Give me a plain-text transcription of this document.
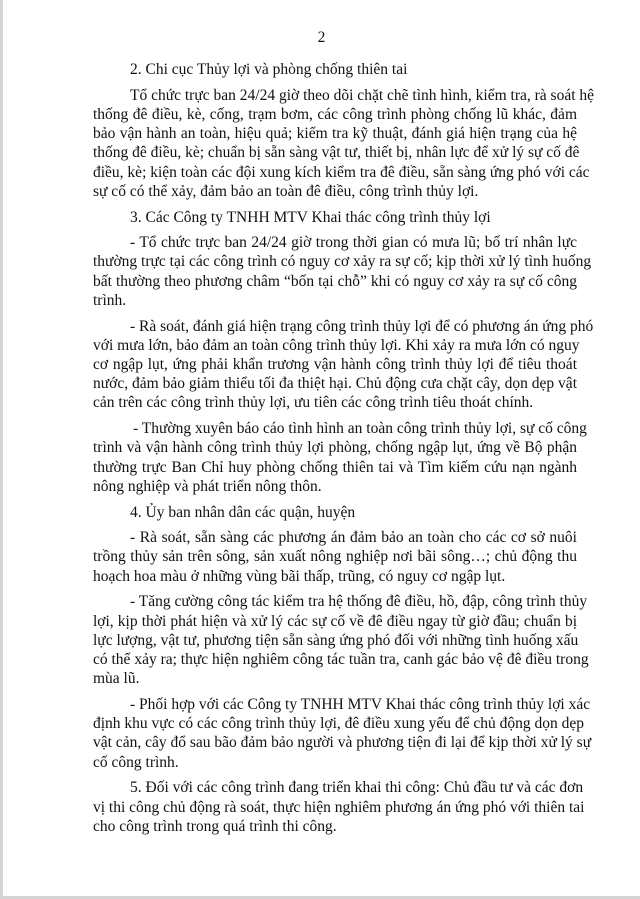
2
2. Chi cục Thủy lợi và phòng chống thiên tai
Tổ chức trực ban 24/24 giờ theo dõi chặt chẽ tình hình, kiểm tra, rà soát hệ
thống đê điều, kè, cống, trạm bơm, các công trình phòng chống lũ khác, đảm
bảo vận hành an toàn, hiệu quả; kiểm tra kỹ thuật, đánh giá hiện trạng của hệ
thống đê điều, kè; chuẩn bị sẵn sàng vật tư, thiết bị, nhân lực để xử lý sự cố đê
điều, kè; kiện toàn các đội xung kích kiểm tra đê điều, sẵn sàng ứng phó với các
sự cố có thể xảy, đảm bảo an toàn đê điều, công trình thủy lợi.
3. Các Công ty TNHH MTV Khai thác công trình thủy lợi
- Tổ chức trực ban 24/24 giờ trong thời gian có mưa lũ; bố trí nhân lực
thường trực tại các công trình có nguy cơ xảy ra sự cố; kịp thời xử lý tình huống
bất thường theo phương châm “bốn tại chỗ” khi có nguy cơ xảy ra sự cố công
trình.
- Rà soát, đánh giá hiện trạng công trình thủy lợi để có phương án ứng phó
với mưa lớn, bảo đảm an toàn công trình thủy lợi. Khi xảy ra mưa lớn có nguy
cơ ngập lụt, ứng phải khẩn trương vận hành công trình thủy lợi để tiêu thoát
nước, đảm bảo giảm thiểu tối đa thiệt hại. Chủ động cưa chặt cây, dọn dẹp vật
cản trên các công trình thủy lợi, ưu tiên các công trình tiêu thoát chính.
- Thường xuyên báo cáo tình hình an toàn công trình thủy lợi, sự cố công
trình và vận hành công trình thủy lợi phòng, chống ngập lụt, ứng về Bộ phận
thường trực Ban Chỉ huy phòng chống thiên tai và Tìm kiếm cứu nạn ngành
nông nghiệp và phát triển nông thôn.
4. Ủy ban nhân dân các quận, huyện
- Rà soát, sẵn sàng các phương án đảm bảo an toàn cho các cơ sở nuôi
trồng thủy sản trên sông, sản xuất nông nghiệp nơi bãi sông…; chủ động thu
hoạch hoa màu ở những vùng bãi thấp, trũng, có nguy cơ ngập lụt.
- Tăng cường công tác kiểm tra hệ thống đê điều, hồ, đập, công trình thủy
lợi, kịp thời phát hiện và xử lý các sự cố về đê điều ngay từ giờ đầu; chuẩn bị
lực lượng, vật tư, phương tiện sẵn sàng ứng phó đối với những tình huống xấu
có thể xảy ra; thực hiện nghiêm công tác tuần tra, canh gác bảo vệ đê điều trong
mùa lũ.
- Phối hợp với các Công ty TNHH MTV Khai thác công trình thủy lợi xác
định khu vực có các công trình thủy lợi, đê điều xung yếu để chủ động dọn dẹp
vật cản, cây đổ sau bão đảm bảo người và phương tiện đi lại để kịp thời xử lý sự
cố công trình.
5. Đối với các công trình đang triển khai thi công: Chủ đầu tư và các đơn
vị thi công chủ động rà soát, thực hiện nghiêm phương án ứng phó với thiên tai
cho công trình trong quá trình thi công.
